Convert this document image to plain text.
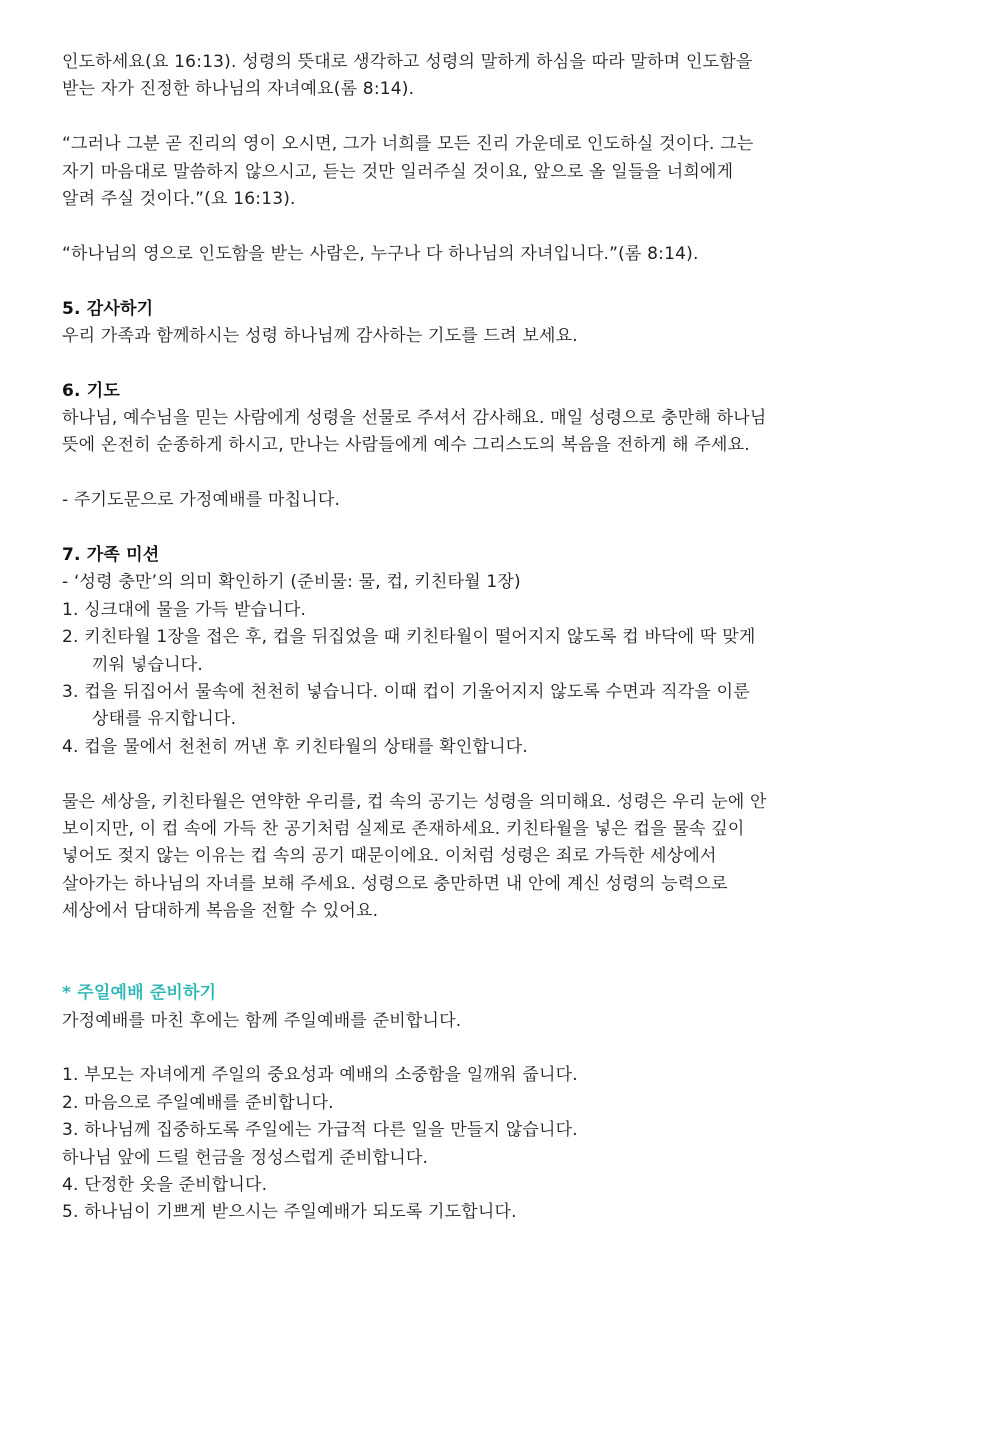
인도하세요(요 16:13). 성령의 뜻대로 생각하고 성령의 말하게 하심을 따라 말하며 인도함을
받는 자가 진정한 하나님의 자녀예요(롬 8:14).
“그러나 그분 곧 진리의 영이 오시면, 그가 너희를 모든 진리 가운데로 인도하실 것이다. 그는
자기 마음대로 말씀하지 않으시고, 듣는 것만 일러주실 것이요, 앞으로 올 일들을 너희에게
알려 주실 것이다.”(요 16:13).
“하나님의 영으로 인도함을 받는 사람은, 누구나 다 하나님의 자녀입니다.”(롬 8:14).
5. 감사하기
우리 가족과 함께하시는 성령 하나님께 감사하는 기도를 드려 보세요.
6. 기도
하나님, 예수님을 믿는 사람에게 성령을 선물로 주셔서 감사해요. 매일 성령으로 충만해 하나님
뜻에 온전히 순종하게 하시고, 만나는 사람들에게 예수 그리스도의 복음을 전하게 해 주세요.
- 주기도문으로 가정예배를 마칩니다.
7. 가족 미션
- ‘성령 충만’의 의미 확인하기 (준비물: 물, 컵, 키친타월 1장)
1. 싱크대에 물을 가득 받습니다.
2. 키친타월 1장을 접은 후, 컵을 뒤집었을 때 키친타월이 떨어지지 않도록 컵 바닥에 딱 맞게
끼워 넣습니다.
3. 컵을 뒤집어서 물속에 천천히 넣습니다. 이때 컵이 기울어지지 않도록 수면과 직각을 이룬
상태를 유지합니다.
4. 컵을 물에서 천천히 꺼낸 후 키친타월의 상태를 확인합니다.
물은 세상을, 키친타월은 연약한 우리를, 컵 속의 공기는 성령을 의미해요. 성령은 우리 눈에 안
보이지만, 이 컵 속에 가득 찬 공기처럼 실제로 존재하세요. 키친타월을 넣은 컵을 물속 깊이
넣어도 젖지 않는 이유는 컵 속의 공기 때문이에요. 이처럼 성령은 죄로 가득한 세상에서
살아가는 하나님의 자녀를 보해 주세요. 성령으로 충만하면 내 안에 계신 성령의 능력으로
세상에서 담대하게 복음을 전할 수 있어요.
* 주일예배 준비하기
가정예배를 마친 후에는 함께 주일예배를 준비합니다.
1. 부모는 자녀에게 주일의 중요성과 예배의 소중함을 일깨워 줍니다.
2. 마음으로 주일예배를 준비합니다.
3. 하나님께 집중하도록 주일에는 가급적 다른 일을 만들지 않습니다.
하나님 앞에 드릴 헌금을 정성스럽게 준비합니다.
4. 단정한 옷을 준비합니다.
5. 하나님이 기쁘게 받으시는 주일예배가 되도록 기도합니다.
